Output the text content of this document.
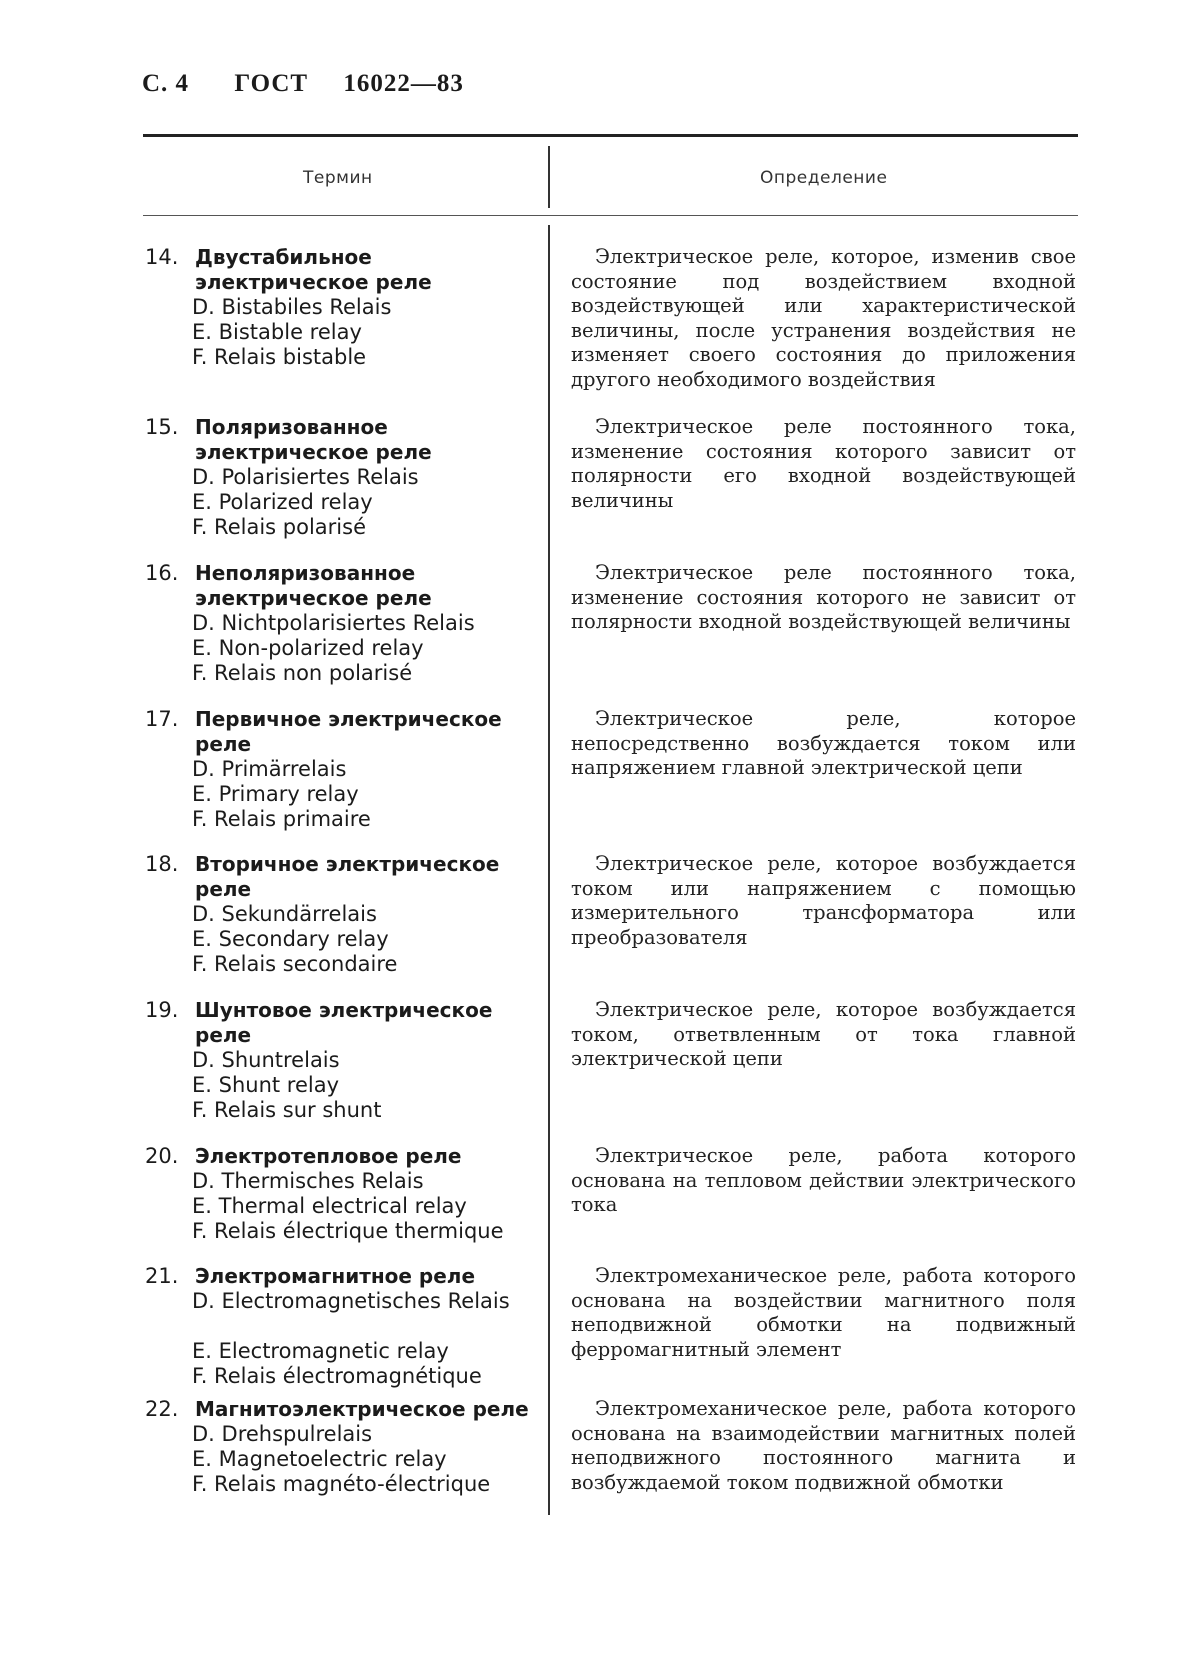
С. 4 ГОСТ 16022—83
Термин	Определение
14. Двустабильное электрическое реле
D. Bistabiles Relais
E. Bistable relay
F. Relais bistable
Электрическое реле, которое, изменив свое состояние под воздействием входной воздействующей или характеристической величины, после устранения воздействия не изменяет своего состояния до приложения другого необходимого воздействия
15. Поляризованное электрическое реле
D. Polarisiertes Relais
E. Polarized relay
F. Relais polarisé
Электрическое реле постоянного тока, изменение состояния которого зависит от полярности его входной воздействующей величины
16. Неполяризованное электрическое реле
D. Nichtpolarisiertes Relais
E. Non-polarized relay
F. Relais non polarisé
Электрическое реле постоянного тока, изменение состояния которого не зависит от полярности входной воздействующей величины
17. Первичное электрическое реле
D. Primärrelais
E. Primary relay
F. Relais primaire
Электрическое реле, которое непосредственно возбуждается током или напряжением главной электрической цепи
18. Вторичное электрическое реле
D. Sekundärrelais
E. Secondary relay
F. Relais secondaire
Электрическое реле, которое возбуждается током или напряжением с помощью измерительного трансформатора или преобразователя
19. Шунтовое электрическое реле
D. Shuntrelais
E. Shunt relay
F. Relais sur shunt
Электрическое реле, которое возбуждается током, ответвленным от тока главной электрической цепи
20. Электротепловое реле
D. Thermisches Relais
E. Thermal electrical relay
F. Relais électrique thermique
Электрическое реле, работа которого основана на тепловом действии электрического тока
21. Электромагнитное реле
D. Electromagnetisches Relais
E. Electromagnetic relay
F. Relais électromagnétique
Электромеханическое реле, работа которого основана на воздействии магнитного поля неподвижной обмотки на подвижный ферромагнитный элемент
22. Магнитоэлектрическое реле
D. Drehspulrelais
E. Magnetoelectric relay
F. Relais magnéto-électrique
Электромеханическое реле, работа которого основана на взаимодействии магнитных полей неподвижного постоянного магнита и возбуждаемой током подвижной обмотки
